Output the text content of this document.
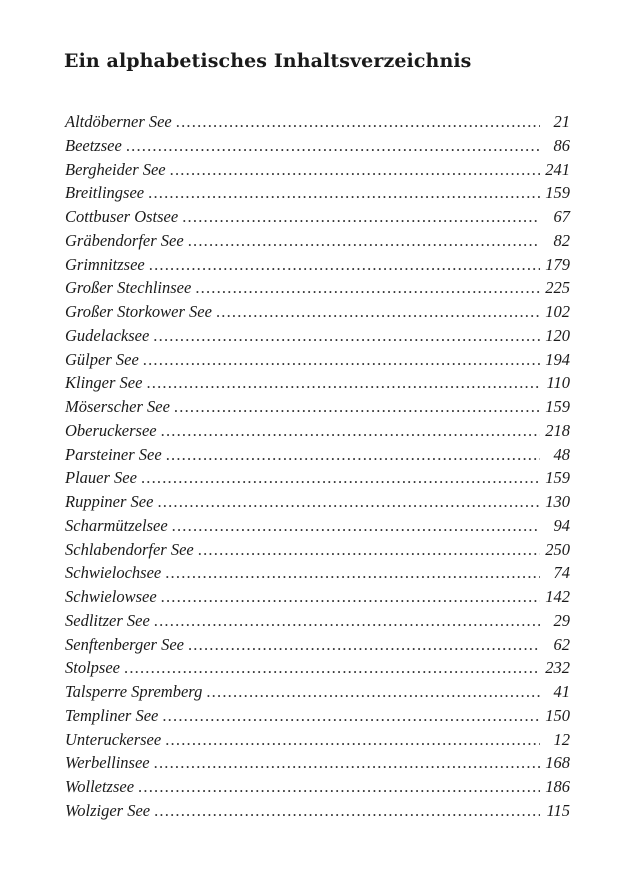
Ein alphabetisches Inhaltsverzeichnis
Altdöberner See .....	21
Beetzsee .....	86
Bergheider See .....	241
Breitlingsee .....	159
Cottbuser Ostsee .....	67
Gräbendorfer See .....	82
Grimnitzsee .....	179
Großer Stechlinsee .....	225
Großer Storkower See .....	102
Gudelacksee .....	120
Gülper See .....	194
Klinger See .....	110
Möserscher See .....	159
Oberuckersee .....	218
Parsteiner See .....	48
Plauer See .....	159
Ruppiner See .....	130
Scharmützelsee .....	94
Schlabendorfer See .....	250
Schwielochsee .....	74
Schwielowsee .....	142
Sedlitzer See .....	29
Senftenberger See .....	62
Stolpsee .....	232
Talsperre Spremberg .....	41
Templiner See .....	150
Unteruckersee .....	12
Werbellinsee .....	168
Wolletzsee .....	186
Wolziger See .....	115
